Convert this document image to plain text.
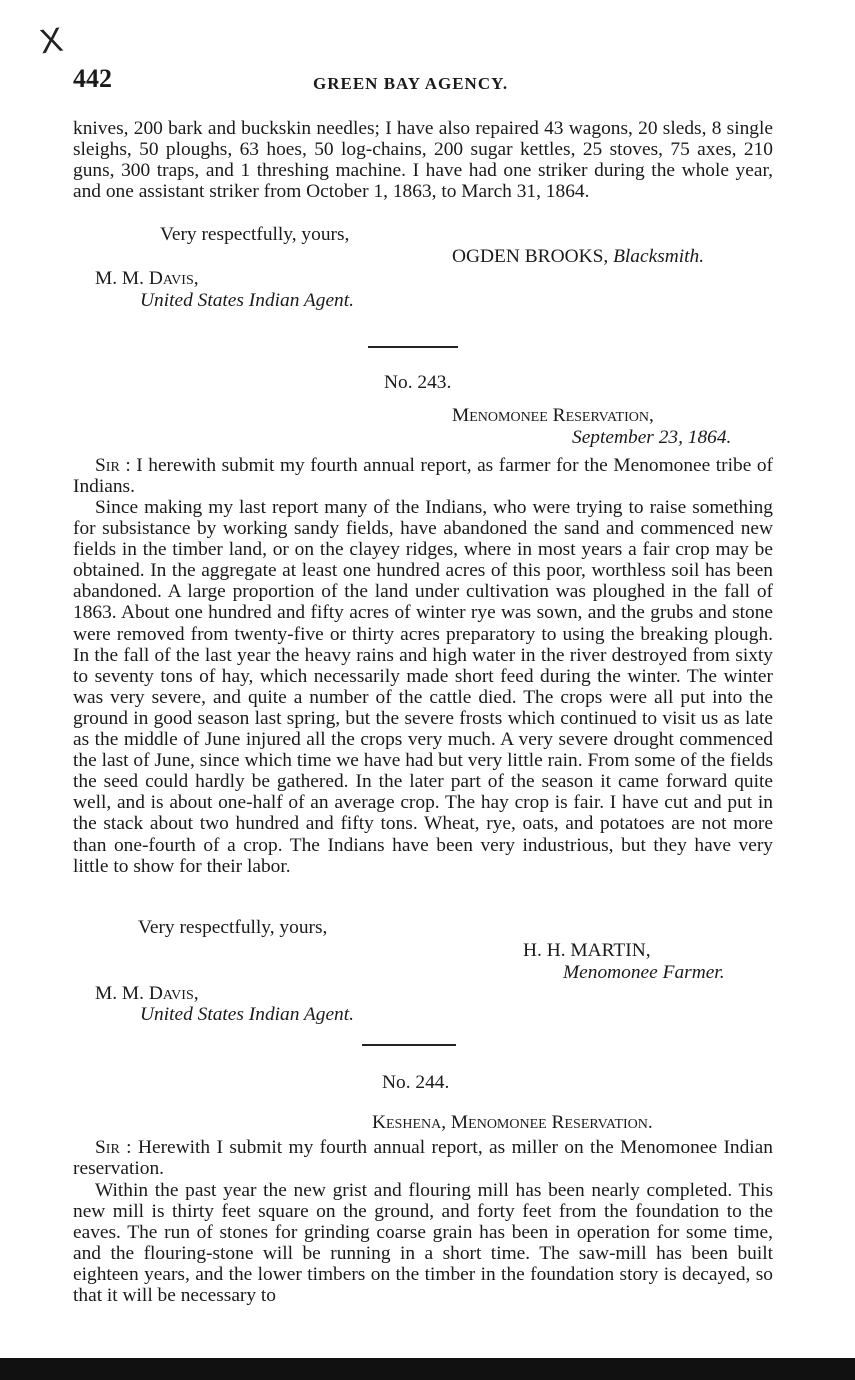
X
442	GREEN BAY AGENCY.
knives, 200 bark and buckskin needles; I have also repaired 43 wagons, 20 sleds, 8 single sleighs, 50 ploughs, 63 hoes, 50 log-chains, 200 sugar kettles, 25 stoves, 75 axes, 210 guns, 300 traps, and 1 threshing machine. I have had one striker during the whole year, and one assistant striker from October 1, 1863, to March 31, 1864.
Very respectfully, yours,
OGDEN BROOKS, Blacksmith.
M. M. Davis,
United States Indian Agent.
No. 243.
Menomonee Reservation,
September 23, 1864.
Sir : I herewith submit my fourth annual report, as farmer for the Menomonee tribe of Indians.
Since making my last report many of the Indians, who were trying to raise something for subsistance by working sandy fields, have abandoned the sand and commenced new fields in the timber land, or on the clayey ridges, where in most years a fair crop may be obtained. In the aggregate at least one hundred acres of this poor, worthless soil has been abandoned. A large proportion of the land under cultivation was ploughed in the fall of 1863. About one hundred and fifty acres of winter rye was sown, and the grubs and stone were removed from twenty-five or thirty acres preparatory to using the breaking plough. In the fall of the last year the heavy rains and high water in the river destroyed from sixty to seventy tons of hay, which necessarily made short feed during the winter. The winter was very severe, and quite a number of the cattle died. The crops were all put into the ground in good season last spring, but the severe frosts which continued to visit us as late as the middle of June injured all the crops very much. A very severe drought commenced the last of June, since which time we have had but very little rain. From some of the fields the seed could hardly be gathered. In the later part of the season it came forward quite well, and is about one-half of an average crop. The hay crop is fair. I have cut and put in the stack about two hundred and fifty tons. Wheat, rye, oats, and potatoes are not more than one-fourth of a crop. The Indians have been very industrious, but they have very little to show for their labor.
Very respectfully, yours,
H. H. MARTIN,
Menomonee Farmer.
M. M. Davis,
United States Indian Agent.
No. 244.
Keshena, Menomonee Reservation.
Sir : Herewith I submit my fourth annual report, as miller on the Menomonee Indian reservation.
Within the past year the new grist and flouring mill has been nearly completed. This new mill is thirty feet square on the ground, and forty feet from the foundation to the eaves. The run of stones for grinding coarse grain has been in operation for some time, and the flouring-stone will be running in a short time. The saw-mill has been built eighteen years, and the lower timbers on the timber in the foundation story is decayed, so that it will be necessary to
